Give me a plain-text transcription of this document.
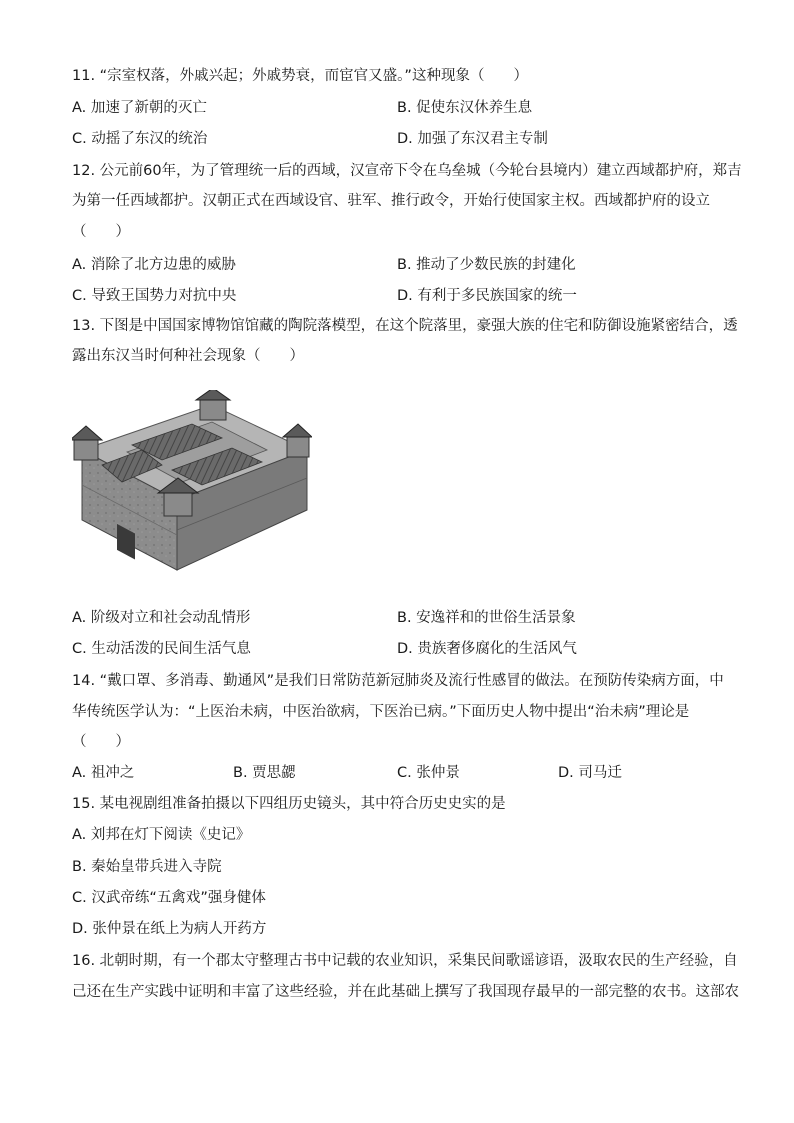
11. “宗室权落，外戚兴起；外戚势衰，而宦官又盛。”这种现象（　　）
A. 加速了新朝的灭亡	B. 促使东汉休养生息
C. 动摇了东汉的统治	D. 加强了东汉君主专制
12. 公元前60年，为了管理统一后的西域，汉宣帝下令在乌垒城（今轮台县境内）建立西域都护府，郑吉
为第一任西域都护。汉朝正式在西域设官、驻军、推行政令，开始行使国家主权。西域都护府的设立
（　　）
A. 消除了北方边患的威胁	B. 推动了少数民族的封建化
C. 导致王国势力对抗中央	D. 有利于多民族国家的统一
13. 下图是中国国家博物馆馆藏的陶院落模型，在这个院落里，豪强大族的住宅和防御设施紧密结合，透
露出东汉当时何种社会现象（　　）
A. 阶级对立和社会动乱情形	B. 安逸祥和的世俗生活景象
C. 生动活泼的民间生活气息	D. 贵族奢侈腐化的生活风气
14. “戴口罩、多消毒、勤通风”是我们日常防范新冠肺炎及流行性感冒的做法。在预防传染病方面，中
华传统医学认为：“上医治未病，中医治欲病，下医治已病。”下面历史人物中提出“治未病”理论是
（　　）
A. 祖冲之	B. 贾思勰	C. 张仲景	D. 司马迁
15. 某电视剧组准备拍摄以下四组历史镜头，其中符合历史史实的是
A. 刘邦在灯下阅读《史记》
B. 秦始皇带兵进入寺院
C. 汉武帝练“五禽戏”强身健体
D. 张仲景在纸上为病人开药方
16. 北朝时期，有一个郡太守整理古书中记载的农业知识，采集民间歌谣谚语，汲取农民的生产经验，自
己还在生产实践中证明和丰富了这些经验，并在此基础上撰写了我国现存最早的一部完整的农书。这部农
